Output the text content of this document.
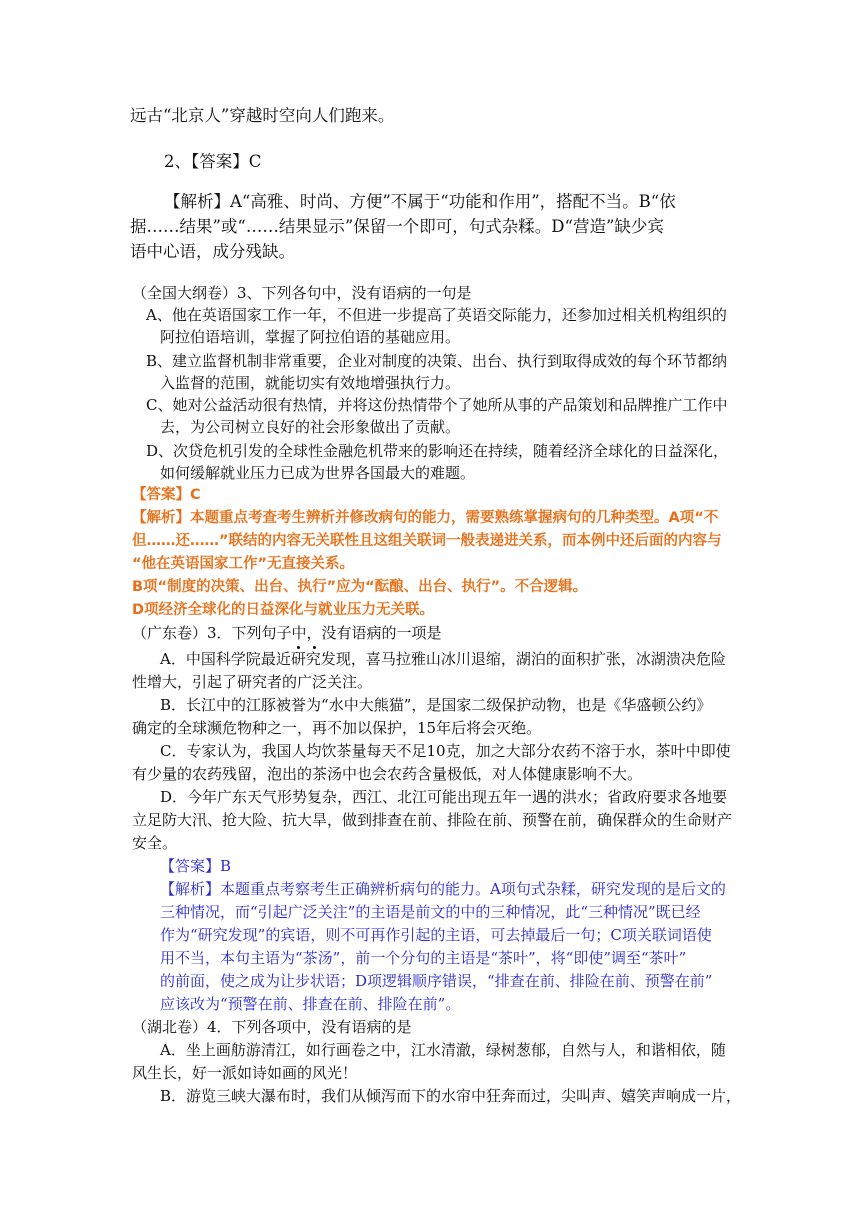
远古“北京人”穿越时空向人们跑来。
2、【答案】C
【解析】A“高雅、时尚、方便”不属于“功能和作用”，搭配不当。B“依
据……结果”或“……结果显示”保留一个即可，句式杂糅。D“营造”缺少宾
语中心语，成分残缺。
（全国大纲卷）3、下列各句中，没有语病的一句是
A、他在英语国家工作一年，不但进一步提高了英语交际能力，还参加过相关机构组织的
阿拉伯语培训，掌握了阿拉伯语的基础应用。
B、建立监督机制非常重要，企业对制度的决策、出台、执行到取得成效的每个环节都纳
入监督的范围，就能切实有效地增强执行力。
C、她对公益活动很有热情，并将这份热情带个了她所从事的产品策划和品牌推广工作中
去，为公司树立良好的社会形象做出了贡献。
D、次贷危机引发的全球性金融危机带来的影响还在持续，随着经济全球化的日益深化，
如何缓解就业压力已成为世界各国最大的难题。
【答案】C
【解析】本题重点考查考生辨析并修改病句的能力，需要熟练掌握病句的几种类型。A项“不
但……还……”联结的内容无关联性且这组关联词一般表递进关系，而本例中还后面的内容与
“他在英语国家工作”无直接关系。
B项“制度的决策、出台、执行”应为“酝酿、出台、执行”。不合逻辑。
D项经济全球化的日益深化与就业压力无关联。
（广东卷）3．下列句子中，没有语病的一项是
A．中国科学院最近研究发现，喜马拉雅山冰川退缩，湖泊的面积扩张，冰湖溃决危险
性增大，引起了研究者的广泛关注。
B．长江中的江豚被誉为“水中大熊猫”，是国家二级保护动物，也是《华盛顿公约》
确定的全球濒危物种之一，再不加以保护，15年后将会灭绝。
C．专家认为，我国人均饮茶量每天不足10克，加之大部分农药不溶于水，茶叶中即使
有少量的农药残留，泡出的茶汤中也会农药含量极低，对人体健康影响不大。
D．今年广东天气形势复杂，西江、北江可能出现五年一遇的洪水；省政府要求各地要
立足防大汛、抢大险、抗大旱，做到排查在前、排险在前、预警在前，确保群众的生命财产
安全。
【答案】B
【解析】本题重点考察考生正确辨析病句的能力。A项句式杂糅，研究发现的是后文的
三种情况，而“引起广泛关注”的主语是前文的中的三种情况，此“三种情况”既已经
作为“研究发现”的宾语，则不可再作引起的主语，可去掉最后一句；C项关联词语使
用不当，本句主语为“茶汤”，前一个分句的主语是“茶叶”，将“即使”调至“茶叶”
的前面，使之成为让步状语；D项逻辑顺序错误，“排查在前、排险在前、预警在前”
应该改为“预警在前、排查在前、排险在前”。
（湖北卷）4．下列各项中，没有语病的是
A．坐上画舫游清江，如行画卷之中，江水清澈，绿树葱郁，自然与人，和谐相依，随
风生长，好一派如诗如画的风光！
B．游览三峡大瀑布时，我们从倾泻而下的水帘中狂奔而过，尖叫声、嬉笑声响成一片，
